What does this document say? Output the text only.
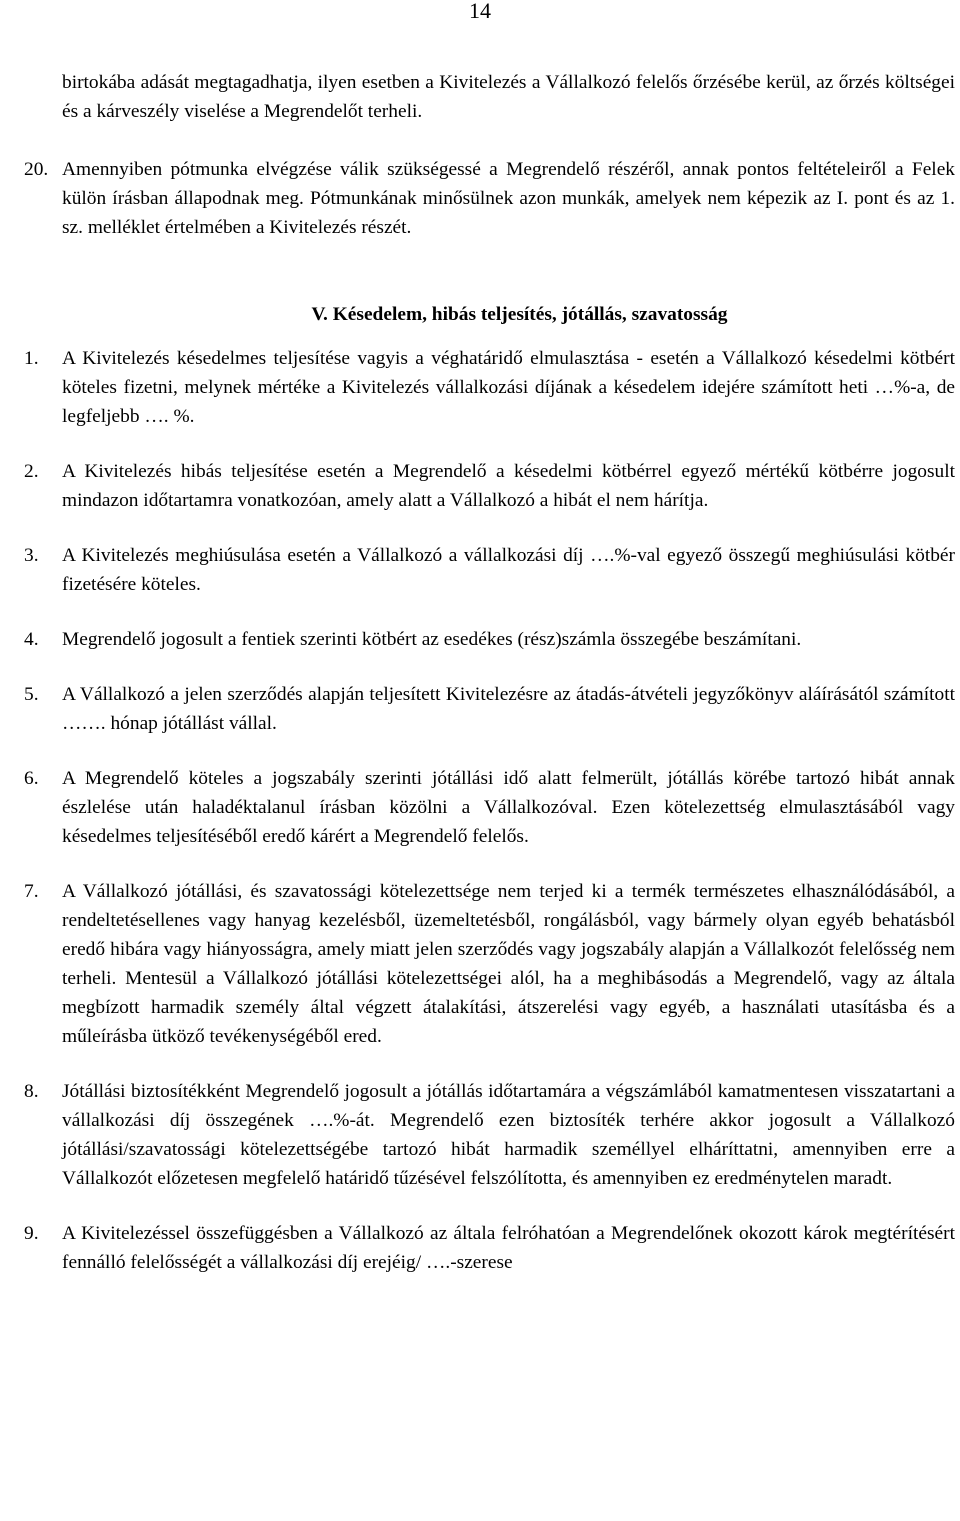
14

birtokába adását megtagadhatja, ilyen esetben a Kivitelezés a Vállalkozó felelős őrzésébe kerül, az őrzés költségei és a kárveszély viselése a Megrendelőt terheli.

20. Amennyiben pótmunka elvégzése válik szükségessé a Megrendelő részéről, annak pontos feltételeiről a Felek külön írásban állapodnak meg. Pótmunkának minősülnek azon munkák, amelyek nem képezik az I. pont és az 1. sz. melléklet értelmében a Kivitelezés részét.

V. Késedelem, hibás teljesítés, jótállás, szavatosság

1.	A Kivitelezés késedelmes teljesítése vagyis a véghatáridő elmulasztása - esetén a Vállalkozó késedelmi kötbért köteles fizetni, melynek mértéke a Kivitelezés vállalkozási díjának a késedelem idejére számított heti …%-a, de legfeljebb …. %.
2.	A Kivitelezés hibás teljesítése esetén a Megrendelő a késedelmi kötbérrel egyező mértékű kötbérre jogosult mindazon időtartamra vonatkozóan, amely alatt a Vállalkozó a hibát el nem hárítja.
3.	A Kivitelezés meghiúsulása esetén a Vállalkozó a vállalkozási díj ….%-val egyező összegű meghiúsulási kötbér fizetésére köteles.
4.	Megrendelő jogosult a fentiek szerinti kötbért az esedékes (rész)számla összegébe beszámítani.
5.	A Vállalkozó a jelen szerződés alapján teljesített Kivitelezésre az átadás-átvételi jegyzőkönyv aláírásától számított ……. hónap jótállást vállal.
6.	A Megrendelő köteles a jogszabály szerinti jótállási idő alatt felmerült, jótállás körébe tartozó hibát annak észlelése után haladéktalanul írásban közölni a Vállalkozóval. Ezen kötelezettség elmulasztásából vagy késedelmes teljesítéséből eredő kárért a Megrendelő felelős.
7.	A Vállalkozó jótállási, és szavatossági kötelezettsége nem terjed ki a termék természetes elhasználódásából, a rendeltetésellenes vagy hanyag kezelésből, üzemeltetésből, rongálásból, vagy bármely olyan egyéb behatásból eredő hibára vagy hiányosságra, amely miatt jelen szerződés vagy jogszabály alapján a Vállalkozót felelősség nem terheli. Mentesül a Vállalkozó jótállási kötelezettségei alól, ha a meghibásodás a Megrendelő, vagy az általa megbízott harmadik személy által végzett átalakítási, átszerelési vagy egyéb, a használati utasításba és a műleírásba ütköző tevékenységéből ered.
8.	Jótállási biztosítékként Megrendelő jogosult a jótállás időtartamára a végszámlából kamatmentesen visszatartani a vállalkozási díj összegének ….%-át. Megrendelő ezen biztosíték terhére akkor jogosult a Vállalkozó jótállási/szavatossági kötelezettségébe tartozó hibát harmadik személlyel elháríttatni, amennyiben erre a Vállalkozót előzetesen megfelelő határidő tűzésével felszólította, és amennyiben ez eredménytelen maradt.
9.	A Kivitelezéssel összefüggésben a Vállalkozó az általa felróhatóan a Megrendelőnek okozott károk megtérítésért fennálló felelősségét a vállalkozási díj erejéig/ ….-szerese
